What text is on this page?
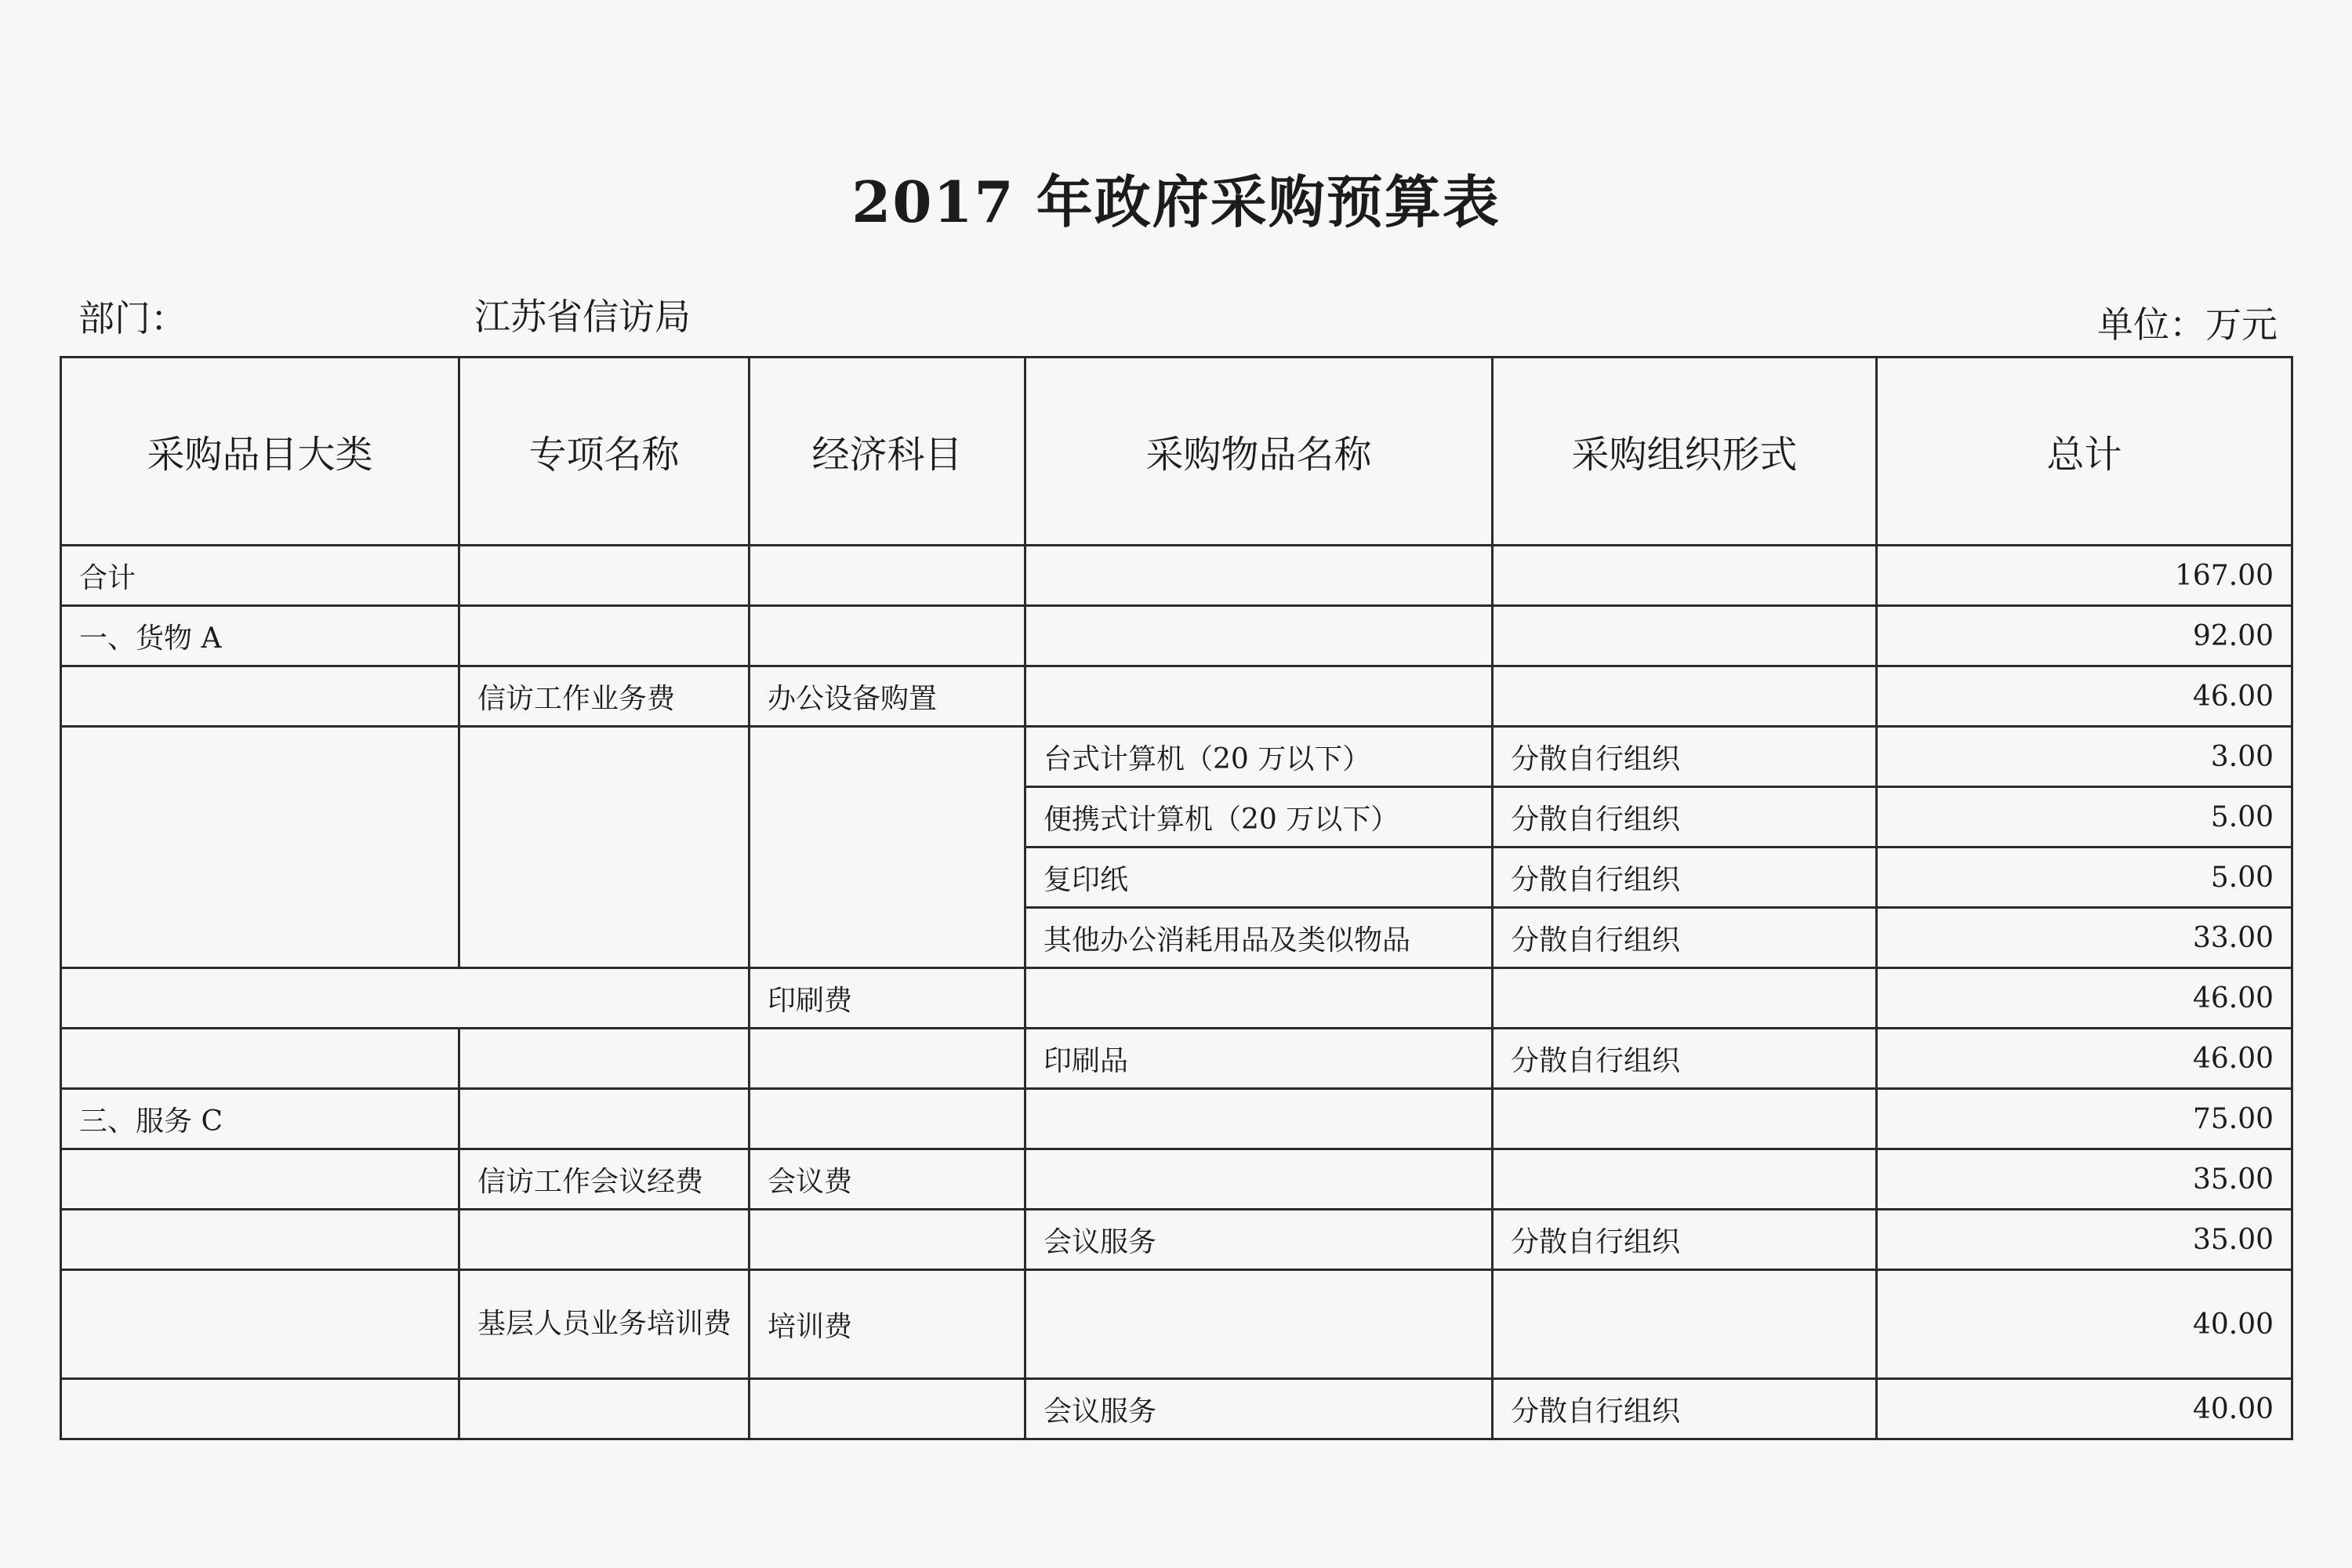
2017 年政府采购预算表
部门：	江苏省信访局	单位：万元
采购品目大类	专项名称	经济科目	采购物品名称	采购组织形式	总计
合计					167.00
一、货物 A					92.00
	信访工作业务费	办公设备购置			46.00
			台式计算机（20 万以下）	分散自行组织	3.00
			便携式计算机（20 万以下）	分散自行组织	5.00
			复印纸	分散自行组织	5.00
			其他办公消耗用品及类似物品	分散自行组织	33.00
		印刷费			46.00
			印刷品	分散自行组织	46.00
三、服务 C					75.00
	信访工作会议经费	会议费			35.00
			会议服务	分散自行组织	35.00
	基层人员业务培训费	培训费			40.00
			会议服务	分散自行组织	40.00
